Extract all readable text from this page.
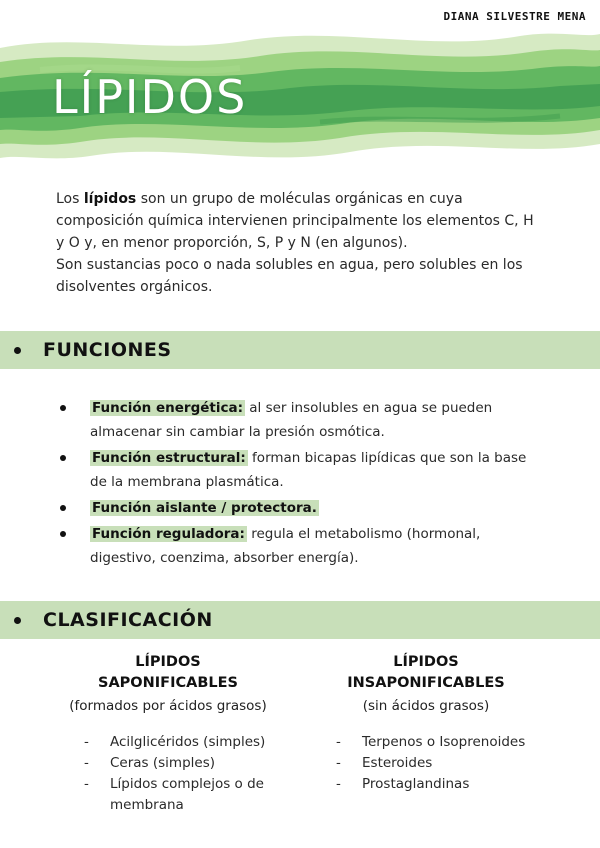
DIANA SILVESTRE MENA
LÍPIDOS
Los lípidos son un grupo de moléculas orgánicas en cuya composición química intervienen principalmente los elementos C, H y O y, en menor proporción, S, P y N (en algunos).
Son sustancias poco o nada solubles en agua, pero solubles en los disolventes orgánicos.
FUNCIONES
Función energética: al ser insolubles en agua se pueden almacenar sin cambiar la presión osmótica.
Función estructural: forman bicapas lipídicas que son la base de la membrana plasmática.
Función aislante / protectora.
Función reguladora: regula el metabolismo (hormonal, digestivo, coenzima, absorber energía).
CLASIFICACIÓN
LÍPIDOS
SAPONIFICABLES
(formados por ácidos grasos)
- Acilglicéridos (simples)
- Ceras (simples)
- Lípidos complejos o de membrana
LÍPIDOS
INSAPONIFICABLES
(sin ácidos grasos)
- Terpenos o Isoprenoides
- Esteroides
- Prostaglandinas
